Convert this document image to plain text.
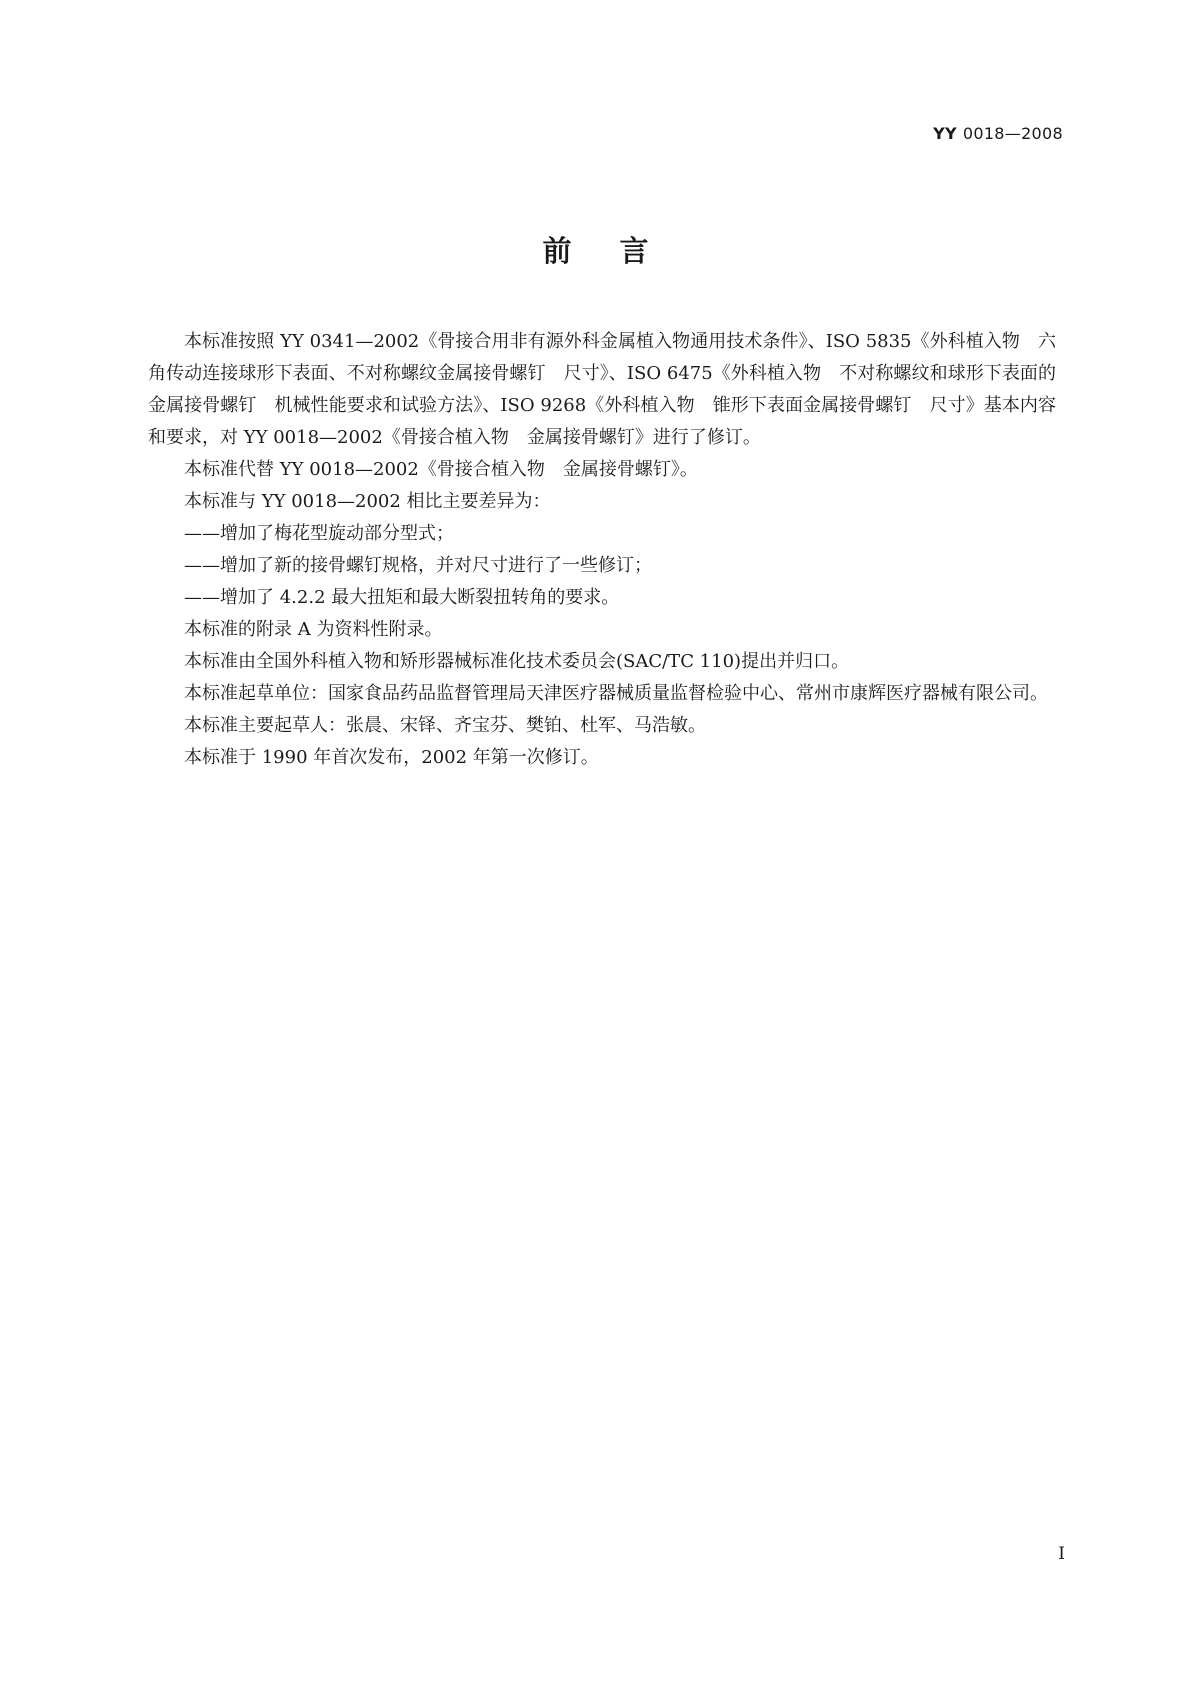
YY 0018—2008
前言

本标准按照 YY 0341—2002《骨接合用非有源外科金属植入物通用技术条件》、ISO 5835《外科植入物　六角传动连接球形下表面、不对称螺纹金属接骨螺钉　尺寸》、ISO 6475《外科植入物　不对称螺纹和球形下表面的金属接骨螺钉　机械性能要求和试验方法》、ISO 9268《外科植入物　锥形下表面金属接骨螺钉　尺寸》基本内容和要求，对 YY 0018—2002《骨接合植入物　金属接骨螺钉》进行了修订。

本标准代替 YY 0018—2002《骨接合植入物　金属接骨螺钉》。

本标准与 YY 0018—2002 相比主要差异为：

——增加了梅花型旋动部分型式；

——增加了新的接骨螺钉规格，并对尺寸进行了一些修订；

——增加了 4.2.2 最大扭矩和最大断裂扭转角的要求。

本标准的附录 A 为资料性附录。

本标准由全国外科植入物和矫形器械标准化技术委员会(SAC/TC 110)提出并归口。

本标准起草单位：国家食品药品监督管理局天津医疗器械质量监督检验中心、常州市康辉医疗器械有限公司。

本标准主要起草人：张晨、宋铎、齐宝芬、樊铂、杜军、马浩敏。

本标准于 1990 年首次发布，2002 年第一次修订。

I
